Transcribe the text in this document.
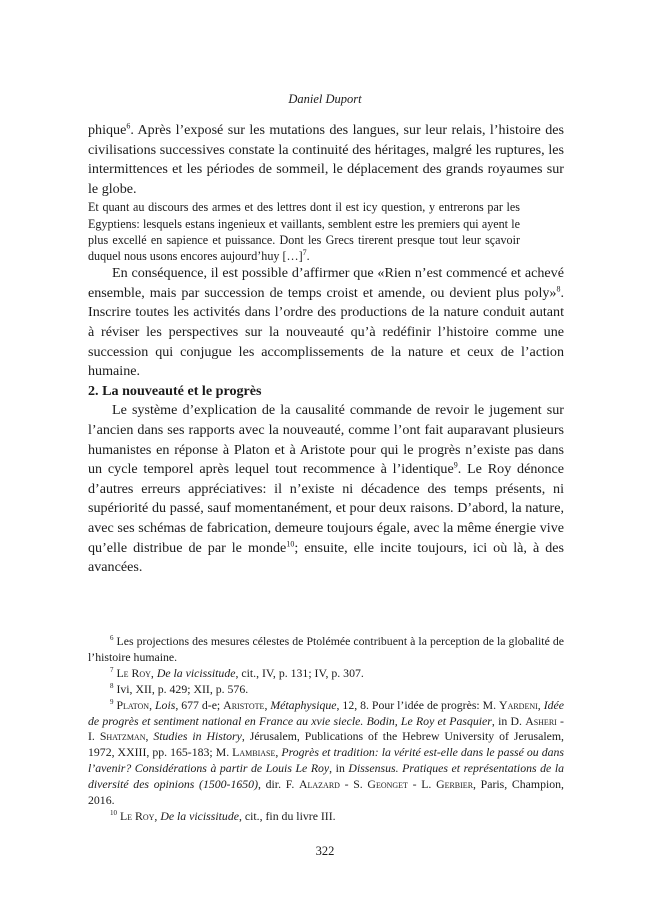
Daniel Duport

phique$^6$. Après l’exposé sur les mutations des langues, sur leur relais, l’histoire des civilisations successives constate la continuité des héritages, malgré les ruptures, les intermittences et les périodes de sommeil, le déplacement des grands royaumes sur le globe.

Et quant au discours des armes et des lettres dont il est icy question, y entrerons par les Egyptiens: lesquels estans ingenieux et vaillants, semblent estre les premiers qui ayent le plus excellé en sapience et puissance. Dont les Grecs tirerent presque tout leur sçavoir duquel nous usons encores aujourd’huy […]$^7$.

En conséquence, il est possible d’affirmer que «Rien n’est commencé et achevé ensemble, mais par succession de temps croist et amende, ou devient plus poly»$^8$. Inscrire toutes les activités dans l’ordre des productions de la nature conduit autant à réviser les perspectives sur la nouveauté qu’à redéfinir l’histoire comme une succession qui conjugue les accomplissements de la nature et ceux de l’action humaine.

2. La nouveauté et le progrès

Le système d’explication de la causalité commande de revoir le jugement sur l’ancien dans ses rapports avec la nouveauté, comme l’ont fait auparavant plusieurs humanistes en réponse à Platon et à Aristote pour qui le progrès n’existe pas dans un cycle temporel après lequel tout recommence à l’identique$^9$. Le Roy dénonce d’autres erreurs appréciatives: il n’existe ni décadence des temps présents, ni supériorité du passé, sauf momentanément, et pour deux raisons. D’abord, la nature, avec ses schémas de fabrication, demeure toujours égale, avec la même énergie vive qu’elle distribue de par le monde$^{10}$; ensuite, elle incite toujours, ici où là, à des avancées.

$^6$ Les projections des mesures célestes de Ptolémée contribuent à la perception de la globalité de l’histoire humaine.

$^7$ Le Roy, De la vicissitude, cit., IV, p. 131; IV, p. 307.

$^8$ Ivi, XII, p. 429; XII, p. 576.

$^9$ Platon, Lois, 677 d-e; Aristote, Métaphysique, 12, 8. Pour l’idée de progrès: M. Yardeni, Idée de progrès et sentiment national en France au xvie siecle. Bodin, Le Roy et Pasquier, in D. Asheri - I. Shatzman, Studies in History, Jérusalem, Publications of the Hebrew University of Jerusalem, 1972, XXIII, pp. 165-183; M. Lambiase, Progrès et tradition: la vérité est-elle dans le passé ou dans l’avenir? Considérations à partir de Louis Le Roy, in Dissensus. Pratiques et représentations de la diversité des opinions (1500-1650), dir. F. Alazard - S. Geonget - L. Gerbier, Paris, Champion, 2016.

$^{10}$ Le Roy, De la vicissitude, cit., fin du livre III.

322
